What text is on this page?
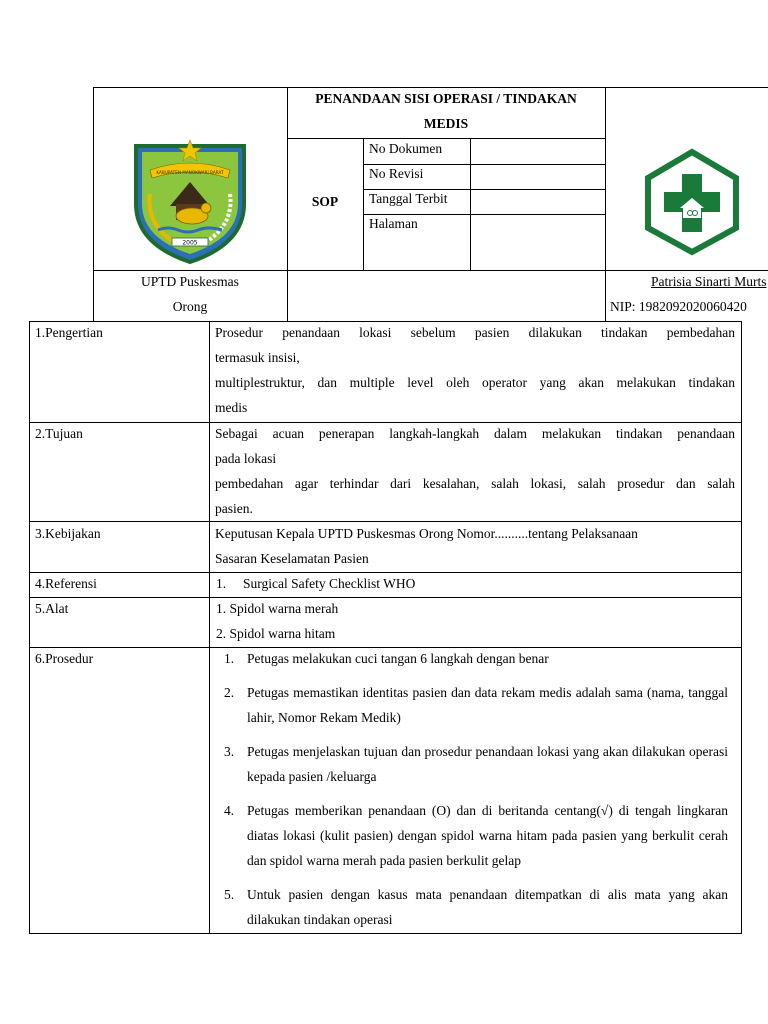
KABUPATEN MANOKWARI BARAT
2005
PENANDAAN SISI OPERASI / TINDAKAN
MEDIS
SOP
No Dokumen
No Revisi
Tanggal Terbit
Halaman
UPTD Puskesmas
Orong
Patrisia Sinarti Murts
NIP: 1982092020060420
1.Pengertian	Prosedur penandaan lokasi sebelum pasien dilakukan tindakan pembedahan
termasuk insisi,
multiplestruktur, dan multiple level oleh operator yang akan melakukan tindakan
medis
2.Tujuan	Sebagai acuan penerapan langkah-langkah dalam melakukan tindakan penandaan
pada lokasi
pembedahan agar terhindar dari kesalahan, salah lokasi, salah prosedur dan salah
pasien.
3.Kebijakan	Keputusan Kepala UPTD Puskesmas Orong Nomor..........tentang Pelaksanaan
Sasaran Keselamatan Pasien
4.Referensi	1. Surgical Safety Checklist WHO
5.Alat	1. Spidol warna merah
2. Spidol warna hitam
6.Prosedur	1. Petugas melakukan cuci tangan 6 langkah dengan benar
2. Petugas memastikan identitas pasien dan data rekam medis adalah sama (nama, tanggal lahir, Nomor Rekam Medik)
3. Petugas menjelaskan tujuan dan prosedur penandaan lokasi yang akan dilakukan operasi kepada pasien /keluarga
4. Petugas memberikan penandaan (O) dan di beritanda centang(√) di tengah lingkaran diatas lokasi (kulit pasien) dengan spidol warna hitam pada pasien yang berkulit cerah dan spidol warna merah pada pasien berkulit gelap
5. Untuk pasien dengan kasus mata penandaan ditempatkan di alis mata yang akan dilakukan tindakan operasi
